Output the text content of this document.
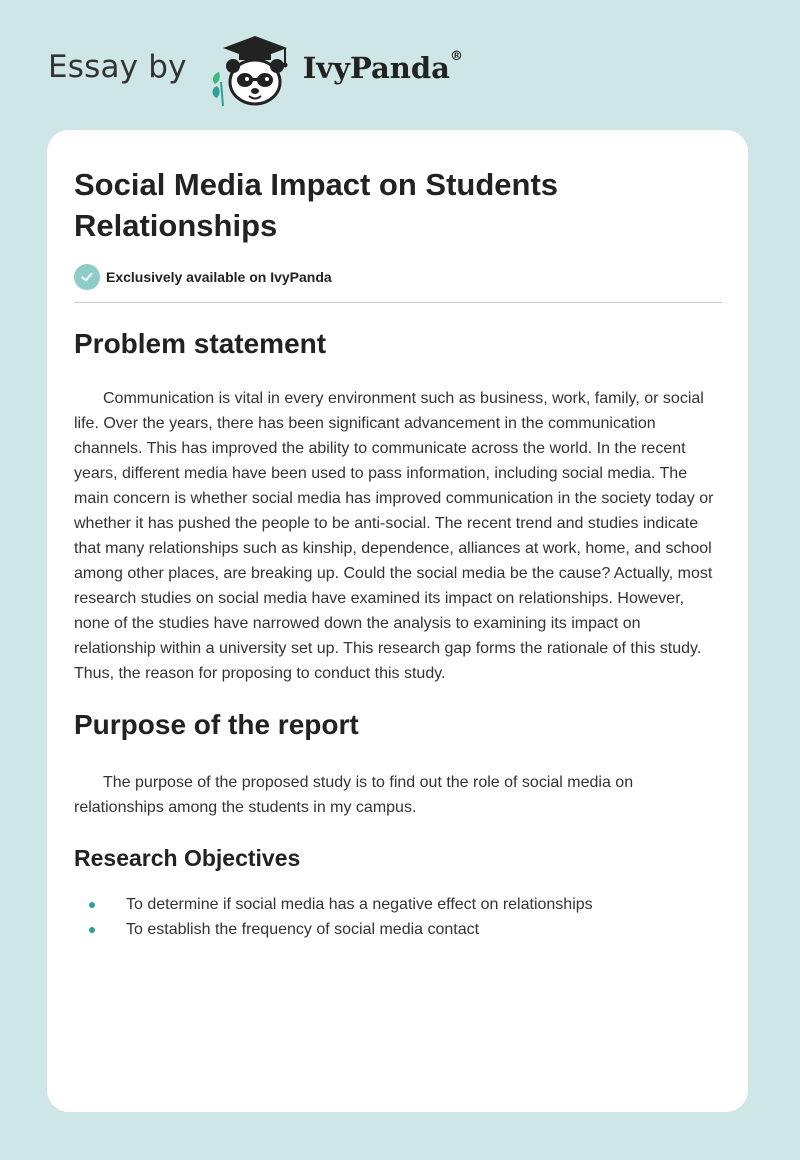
Essay by	IvyPanda®
Social Media Impact on Students Relationships
Exclusively available on IvyPanda
Problem statement

Communication is vital in every environment such as business, work, family, or social life. Over the years, there has been significant advancement in the communication channels. This has improved the ability to communicate across the world. In the recent years, different media have been used to pass information, including social media. The main concern is whether social media has improved communication in the society today or whether it has pushed the people to be anti-social. The recent trend and studies indicate that many relationships such as kinship, dependence, alliances at work, home, and school among other places, are breaking up. Could the social media be the cause? Actually, most research studies on social media have examined its impact on relationships. However, none of the studies have narrowed down the analysis to examining its impact on relationship within a university set up. This research gap forms the rationale of this study. Thus, the reason for proposing to conduct this study.

Purpose of the report

The purpose of the proposed study is to find out the role of social media on relationships among the students in my campus.

Research Objectives
To determine if social media has a negative effect on relationships
To establish the frequency of social media contact
